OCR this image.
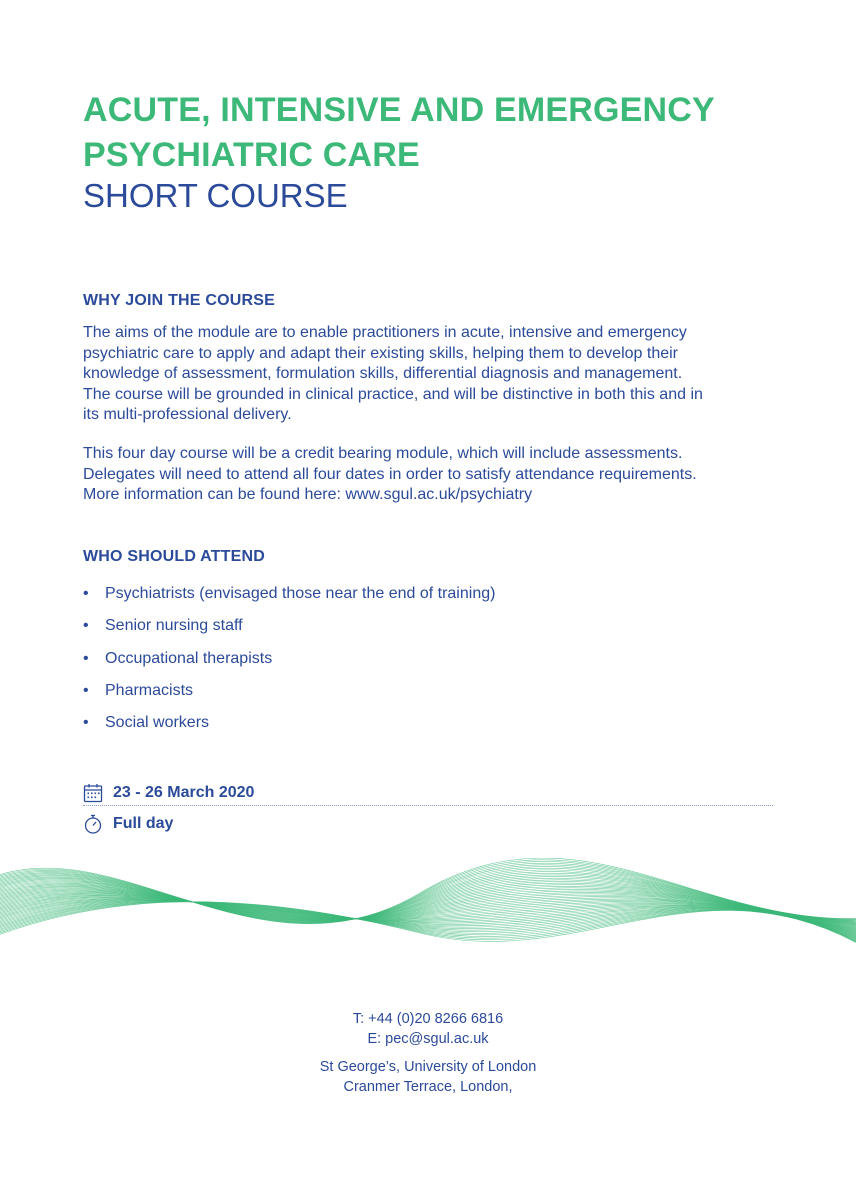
ACUTE, INTENSIVE AND EMERGENCY
PSYCHIATRIC CARE
SHORT COURSE
WHY JOIN THE COURSE

The aims of the module are to enable practitioners in acute, intensive and emergency
psychiatric care to apply and adapt their existing skills, helping them to develop their
knowledge of assessment, formulation skills, differential diagnosis and management.
The course will be grounded in clinical practice, and will be distinctive in both this and in
its multi-professional delivery.

This four day course will be a credit bearing module, which will include assessments.
Delegates will need to attend all four dates in order to satisfy attendance requirements.
More information can be found here: www.sgul.ac.uk/psychiatry

WHO SHOULD ATTEND
•	Psychiatrists (envisaged those near the end of training)
•	Senior nursing staff
•	Occupational therapists
•	Pharmacists
•	Social workers
23 - 26 March 2020
Full day
T: +44 (0)20 8266 6816
E: pec@sgul.ac.uk
St George’s, University of London
Cranmer Terrace, London,
